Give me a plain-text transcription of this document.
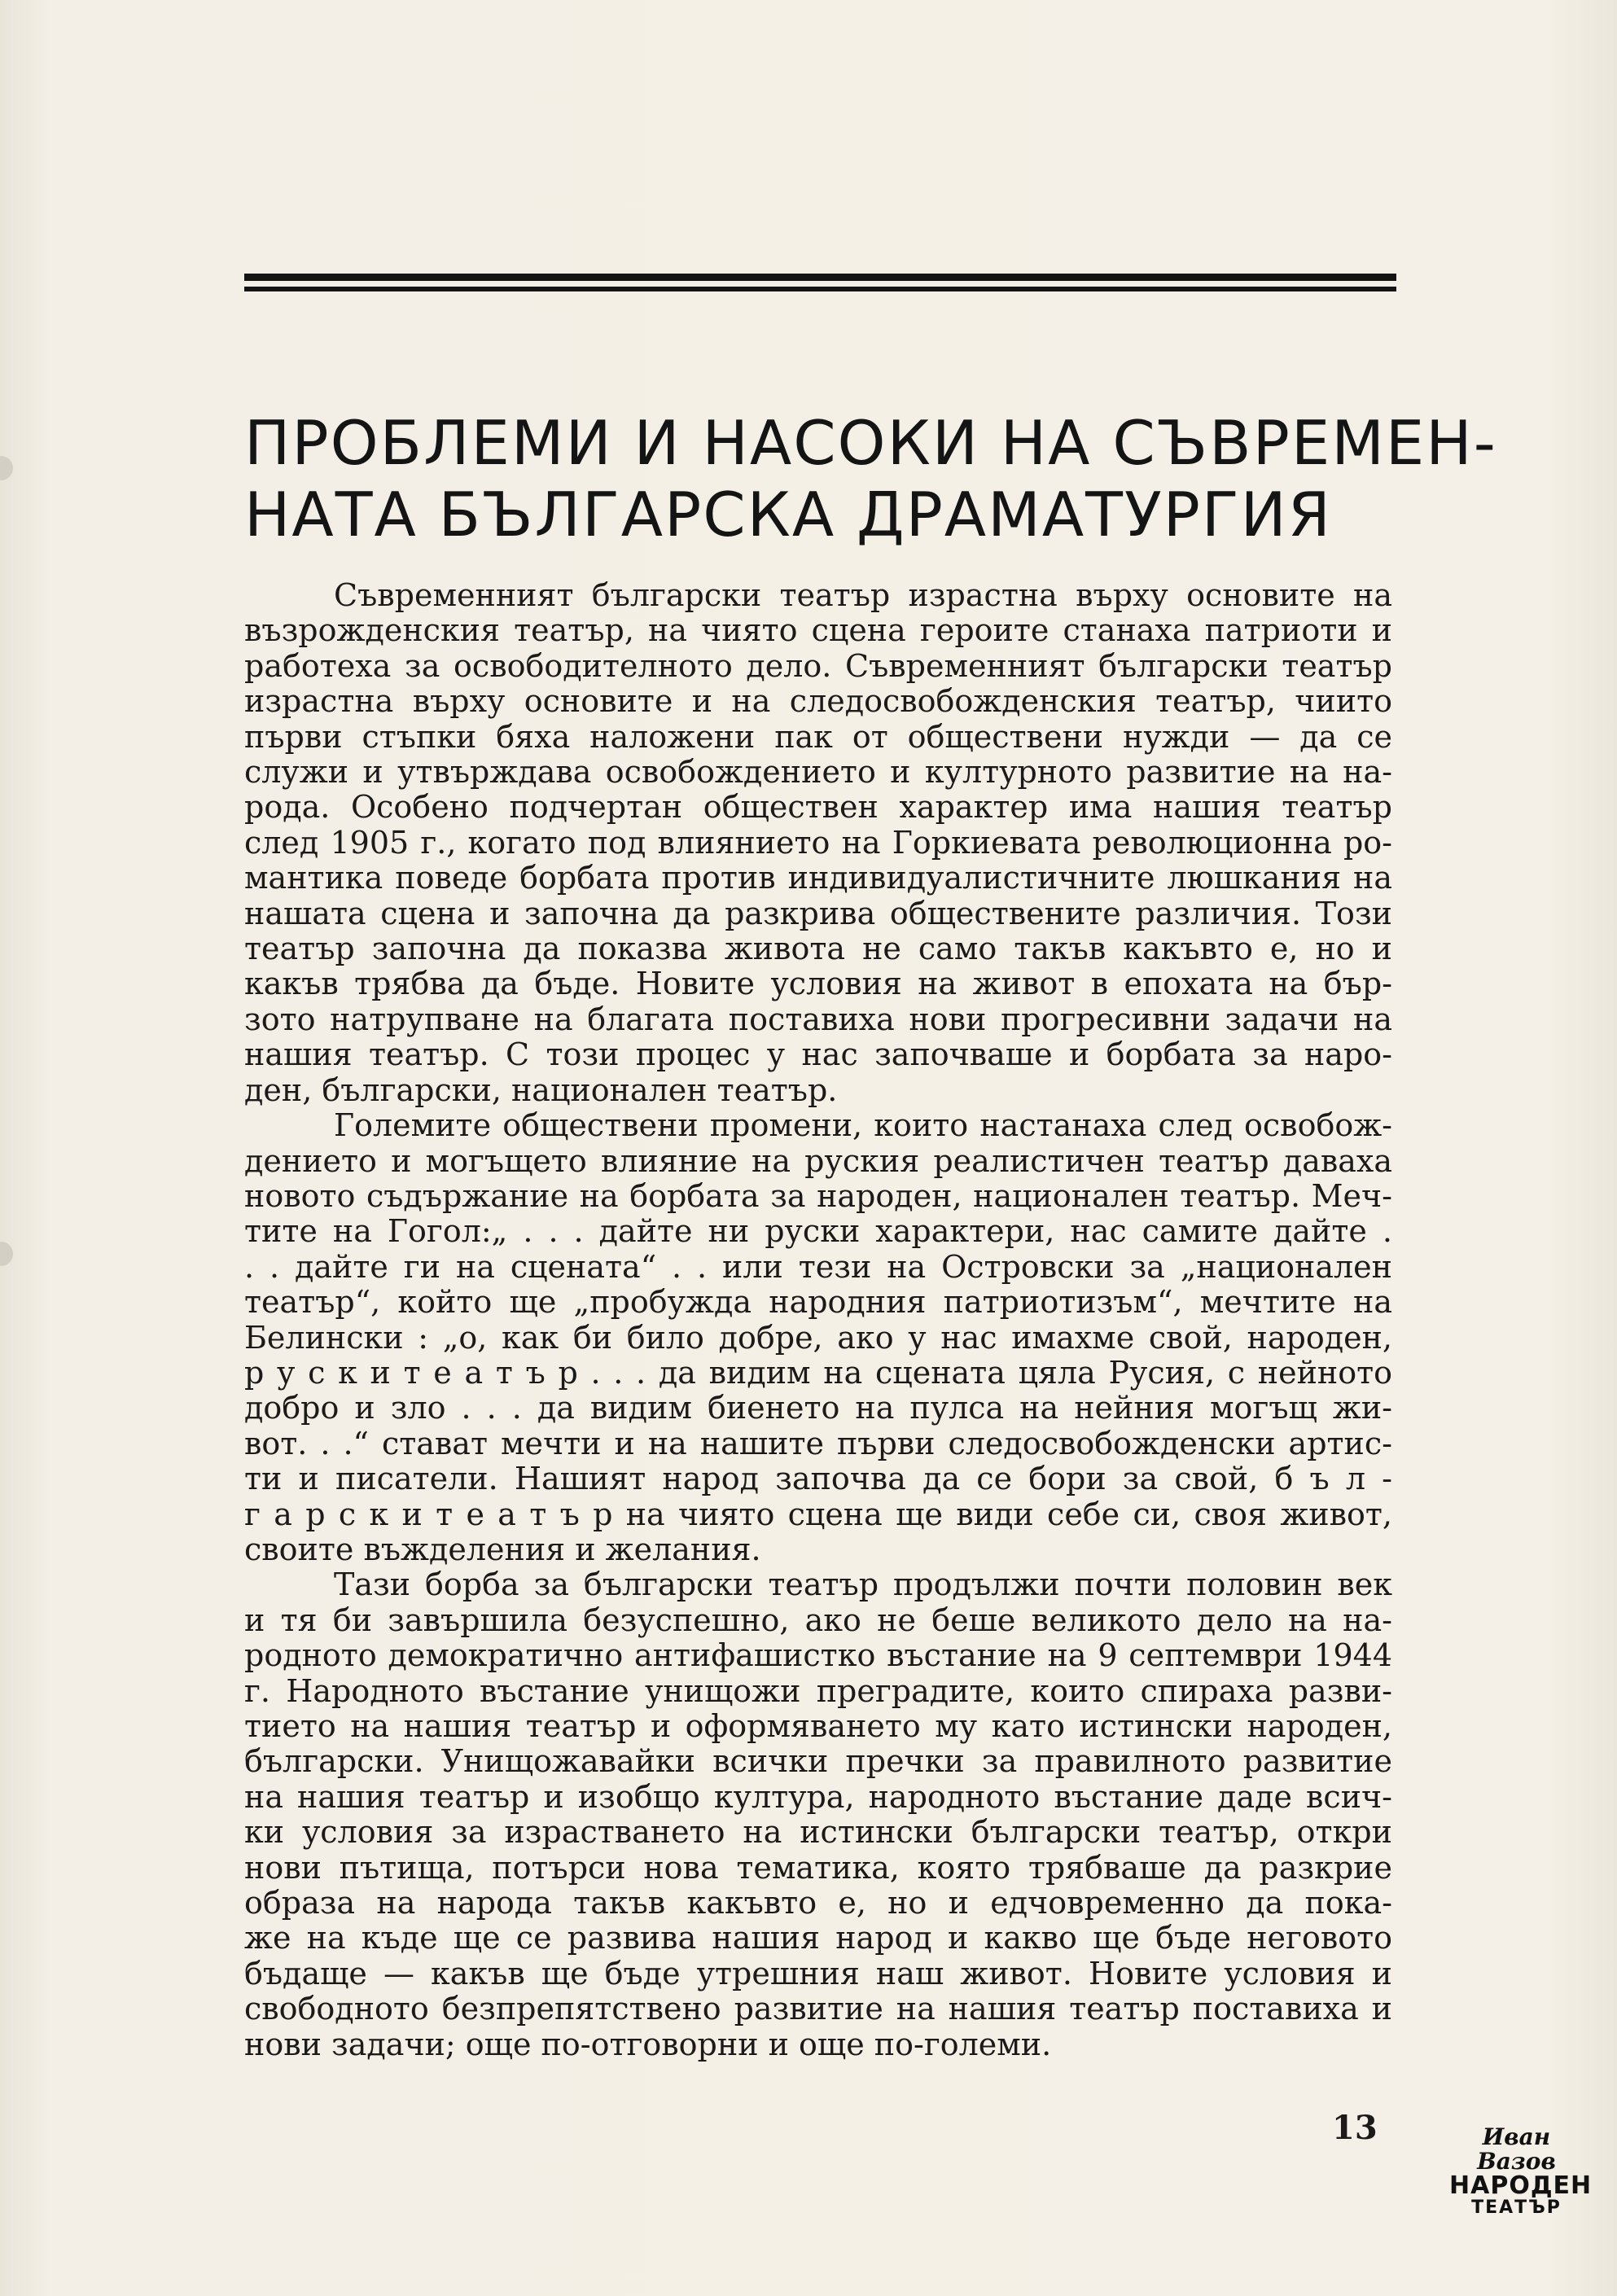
ПРОБЛЕМИ И НАСОКИ НА СЪВРЕМЕН-
НАТА БЪЛГАРСКА ДРАМАТУРГИЯ
Съвременният български театър израстна върху основите на
възрожденския театър, на чиято сцена героите станаха патриоти и
работеха за освободителното дело. Съвременният български театър
израстна върху основите и на следосвобожденския театър, чиито
първи стъпки бяха наложени пак от обществени нужди — да се
служи и утвърждава освобождението и културното развитие на на-
рода. Особено подчертан обществен характер има нашия театър
след 1905 г., когато под влиянието на Горкиевата революционна ро-
мантика поведе борбата против индивидуалистичните люшкания на
нашата сцена и започна да разкрива обществените различия. Този
театър започна да показва живота не само такъв какъвто е, но и
какъв трябва да бъде. Новите условия на живот в епохата на бър-
зото натрупване на благата поставиха нови прогресивни задачи на
нашия театър. С този процес у нас започваше и борбата за наро-
ден, български, национален театър.
Големите обществени промени, които настанаха след освобож-
дението и могъщето влияние на руския реалистичен театър даваха
новото съдържание на борбата за народен, национален театър. Меч-
тите на Гогол:„ . . . дайте ни руски характери, нас самите дайте .
. . дайте ги на сцената“ . . или тези на Островски за „национален
театър“, който ще „пробужда народния патриотизъм“, мечтите на
Белински : „о, как би било добре, ако у нас имахме свой, народен,
р у с к и т е а т ъ р . . . да видим на сцената цяла Русия, с нейното
добро и зло . . . да видим биенето на пулса на нейния могъщ жи-
вот. . .“ стават мечти и на нашите първи следосвобожденски артис-
ти и писатели. Нашият народ започва да се бори за свой, б ъ л -
г а р с к и т е а т ъ р на чиято сцена ще види себе си, своя живот,
своите въжделения и желания.
Тази борба за български театър продължи почти половин век
и тя би завършила безуспешно, ако не беше великото дело на на-
родното демократично антифашистко въстание на 9 септември 1944
г. Народното въстание унищожи преградите, които спираха разви-
тието на нашия театър и оформяването му като истински народен,
български. Унищожавайки всички пречки за правилното развитие
на нашия театър и изобщо култура, народното въстание даде всич-
ки условия за израстването на истински български театър, откри
нови пътища, потърси нова тематика, която трябваше да разкрие
образа на народа такъв какъвто е, но и едчовременно да пока-
же на къде ще се развива нашия народ и какво ще бъде неговото
бъдаще — какъв ще бъде утрешния наш живот. Новите условия и
свободното безпрепятствено развитие на нашия театър поставиха и
нови задачи; още по-отговорни и още по-големи.
13	Иван Вазов
НАРОДЕН
ТЕАТЪР
